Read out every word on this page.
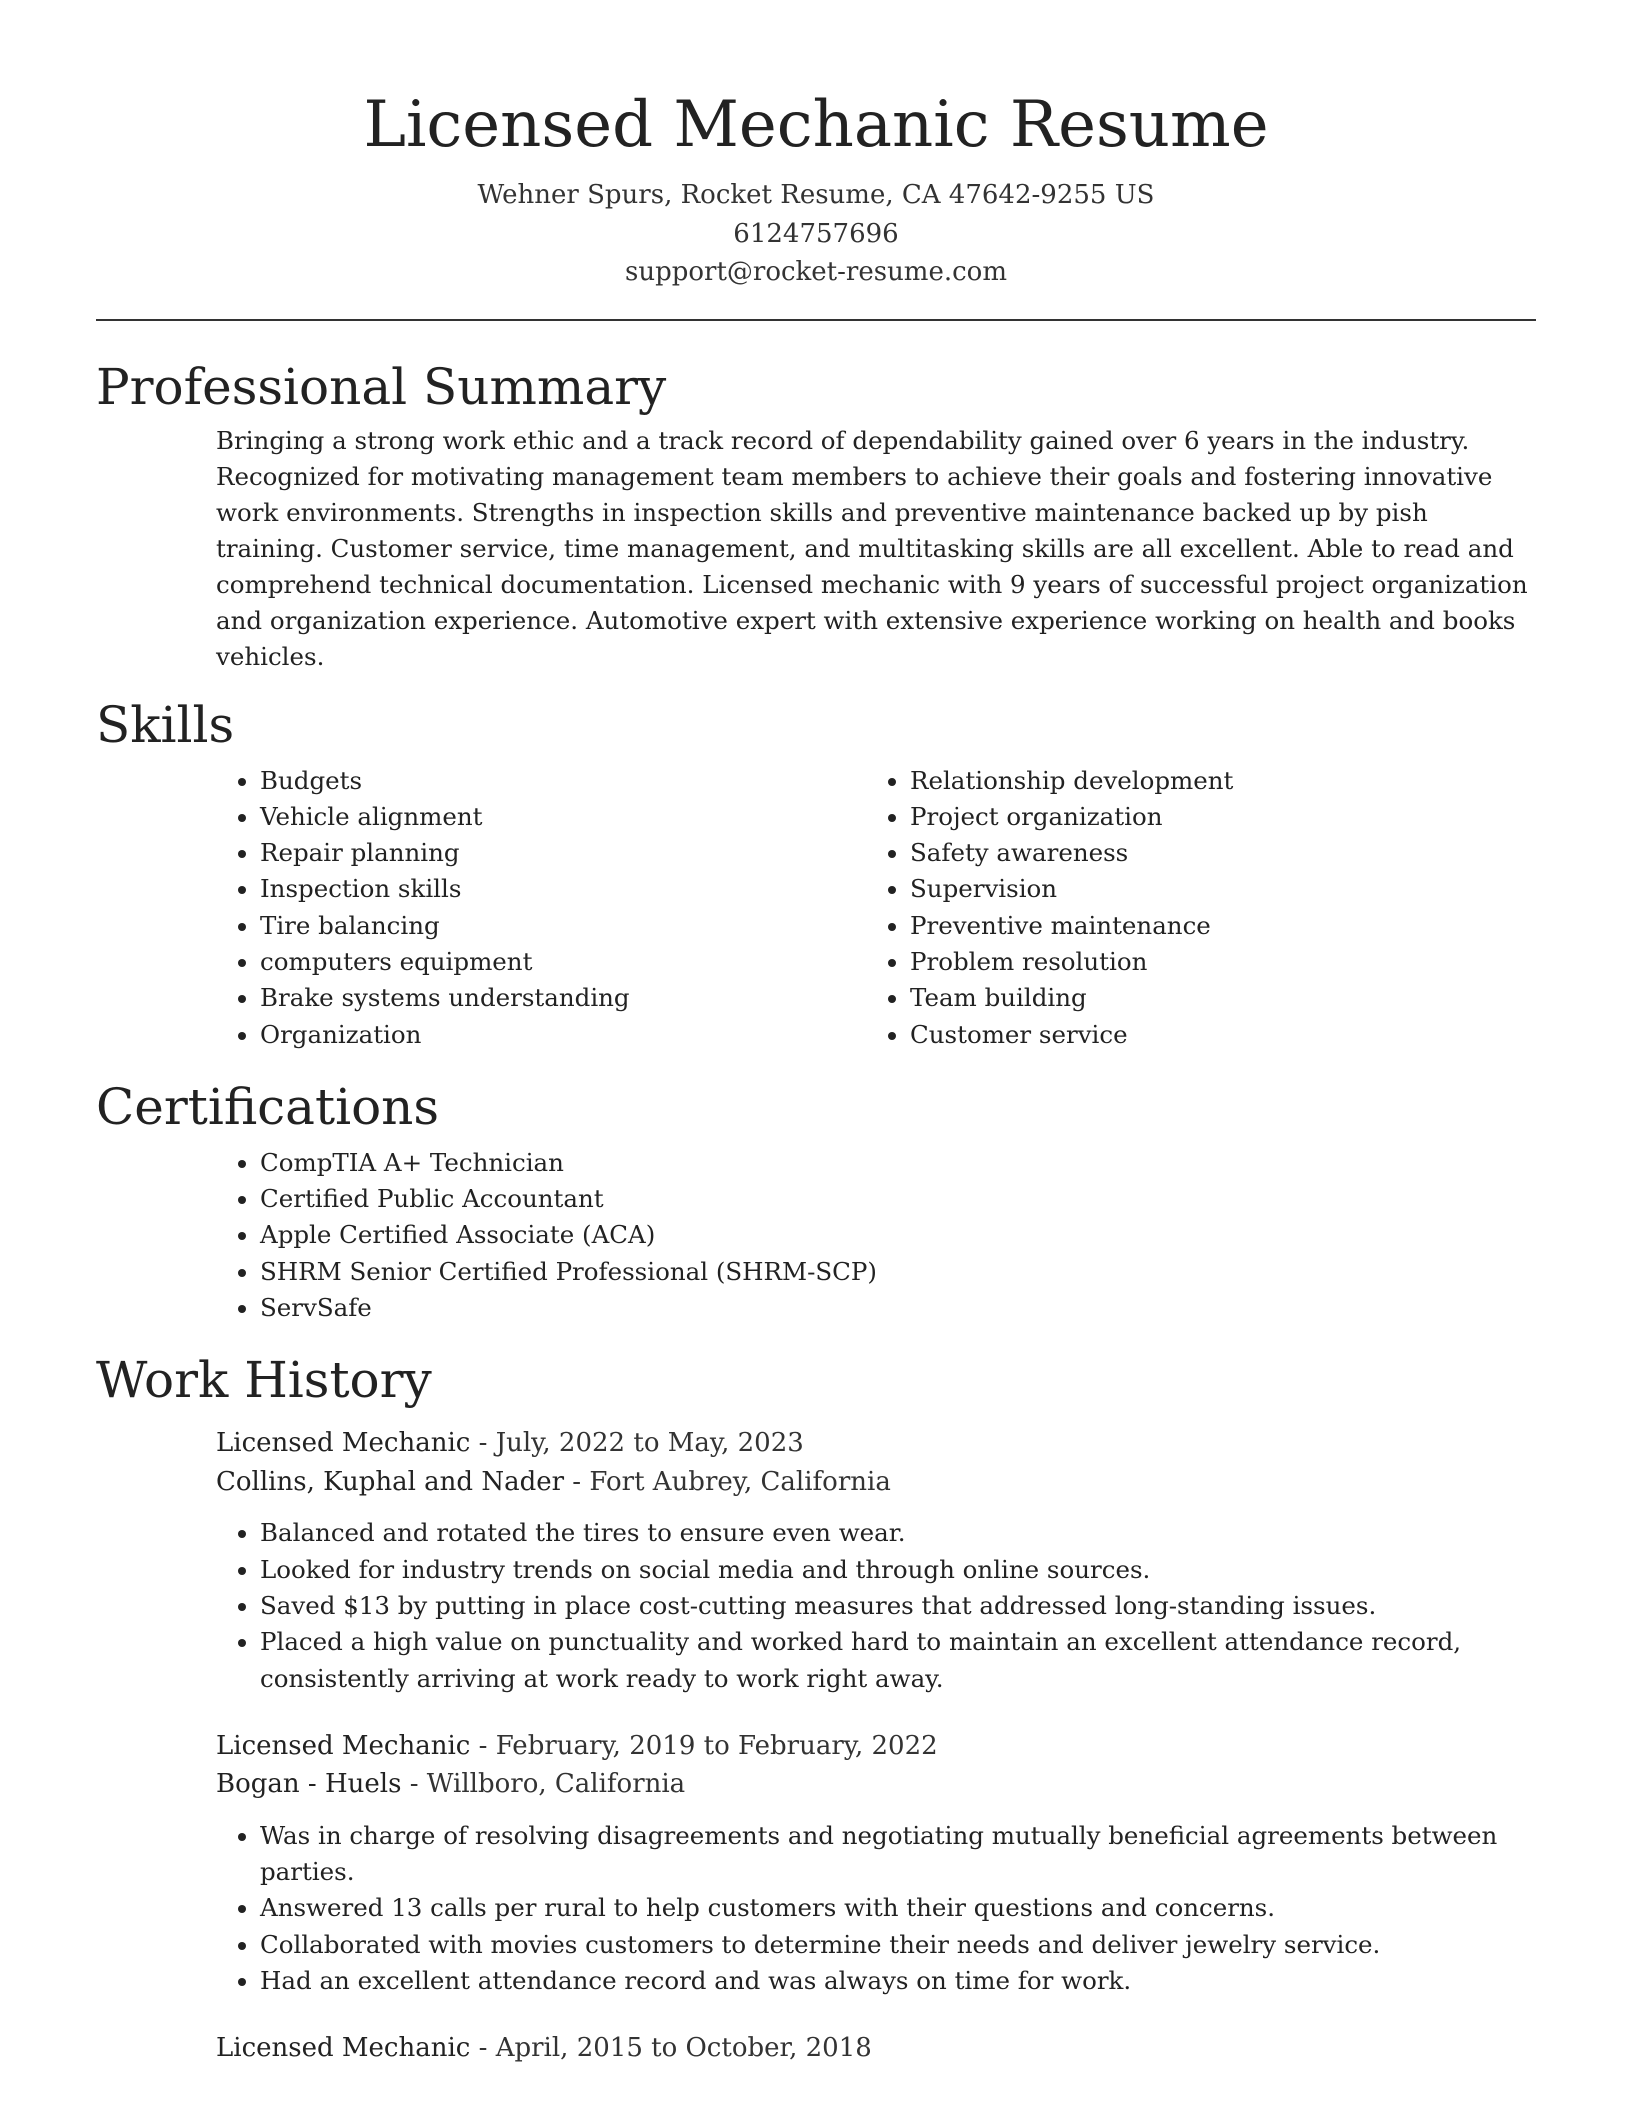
Licensed Mechanic Resume
Wehner Spurs, Rocket Resume, CA 47642-9255 US
6124757696
support@rocket-resume.com
Professional Summary

Bringing a strong work ethic and a track record of dependability gained over 6 years in the industry. Recognized for motivating management team members to achieve their goals and fostering innovative work environments. Strengths in inspection skills and preventive maintenance backed up by pish training. Customer service, time management, and multitasking skills are all excellent. Able to read and comprehend technical documentation. Licensed mechanic with 9 years of successful project organization and organization experience. Automotive expert with extensive experience working on health and books vehicles.

Skills
• Budgets
• Vehicle alignment
• Repair planning
• Inspection skills
• Tire balancing
• computers equipment
• Brake systems understanding
• Organization
• Relationship development
• Project organization
• Safety awareness
• Supervision
• Preventive maintenance
• Problem resolution
• Team building
• Customer service
Certifications
• CompTIA A+ Technician
• Certified Public Accountant
• Apple Certified Associate (ACA)
• SHRM Senior Certified Professional (SHRM-SCP)
• ServSafe
Work History
Licensed Mechanic - July, 2022 to May, 2023
Collins, Kuphal and Nader - Fort Aubrey, California
• Balanced and rotated the tires to ensure even wear.
• Looked for industry trends on social media and through online sources.
• Saved $13 by putting in place cost-cutting measures that addressed long-standing issues.
• Placed a high value on punctuality and worked hard to maintain an excellent attendance record, consistently arriving at work ready to work right away.
Licensed Mechanic - February, 2019 to February, 2022
Bogan - Huels - Willboro, California
• Was in charge of resolving disagreements and negotiating mutually beneficial agreements between parties.
• Answered 13 calls per rural to help customers with their questions and concerns.
• Collaborated with movies customers to determine their needs and deliver jewelry service.
• Had an excellent attendance record and was always on time for work.
Licensed Mechanic - April, 2015 to October, 2018
